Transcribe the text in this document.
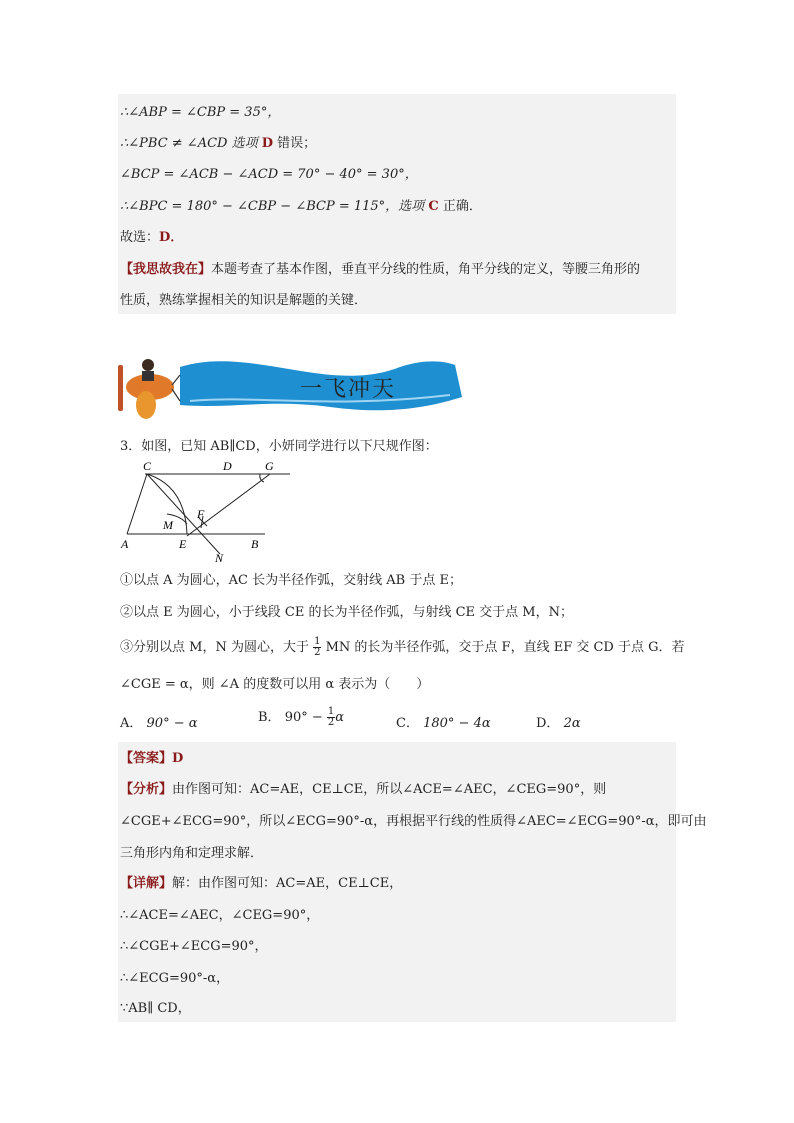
∴∠ABP = ∠CBP = 35°，
∴∠PBC ≠ ∠ACD 选项 D 错误；
∠BCP = ∠ACB − ∠ACD = 70° − 40° = 30°，
∴∠BPC = 180° − ∠CBP − ∠BCP = 115°，选项 C 正确．
故选：D．
【我思故我在】本题考查了基本作图，垂直平分线的性质，角平分线的定义，等腰三角形的
性质，熟练掌握相关的知识是解题的关键．
一飞冲天
3．如图，已知 AB∥CD，小妍同学进行以下尺规作图：
C	D	G
M
F
A	E	B
N
①以点 A 为圆心，AC 长为半径作弧，交射线 AB 于点 E；
②以点 E 为圆心，小于线段 CE 的长为半径作弧，与射线 CE 交于点 M，N；
③分别以点 M，N 为圆心，大于 $\frac{1}{2}$ MN 的长为半径作弧，交于点 F，直线 EF 交 CD 于点 G．若
∠CGE = α，则 ∠A 的度数可以用 α 表示为（　　）
A． 90° − α	B． $90^\circ - \frac{1}{2}$ α	C． 180° − 4α	D． 2α
【答案】D
【分析】由作图可知：AC=AE，CE⊥CE，所以∠ACE=∠AEC，∠CEG=90°，则
∠CGE+∠ECG=90°，所以∠ECG=90°-α，再根据平行线的性质得∠AEC=∠ECG=90°-α，即可由
三角形内角和定理求解．
【详解】解：由作图可知：AC=AE，CE⊥CE，
∴∠ACE=∠AEC，∠CEG=90°，
∴∠CGE+∠ECG=90°，
∴∠ECG=90°-α，
∵AB∥ CD，
